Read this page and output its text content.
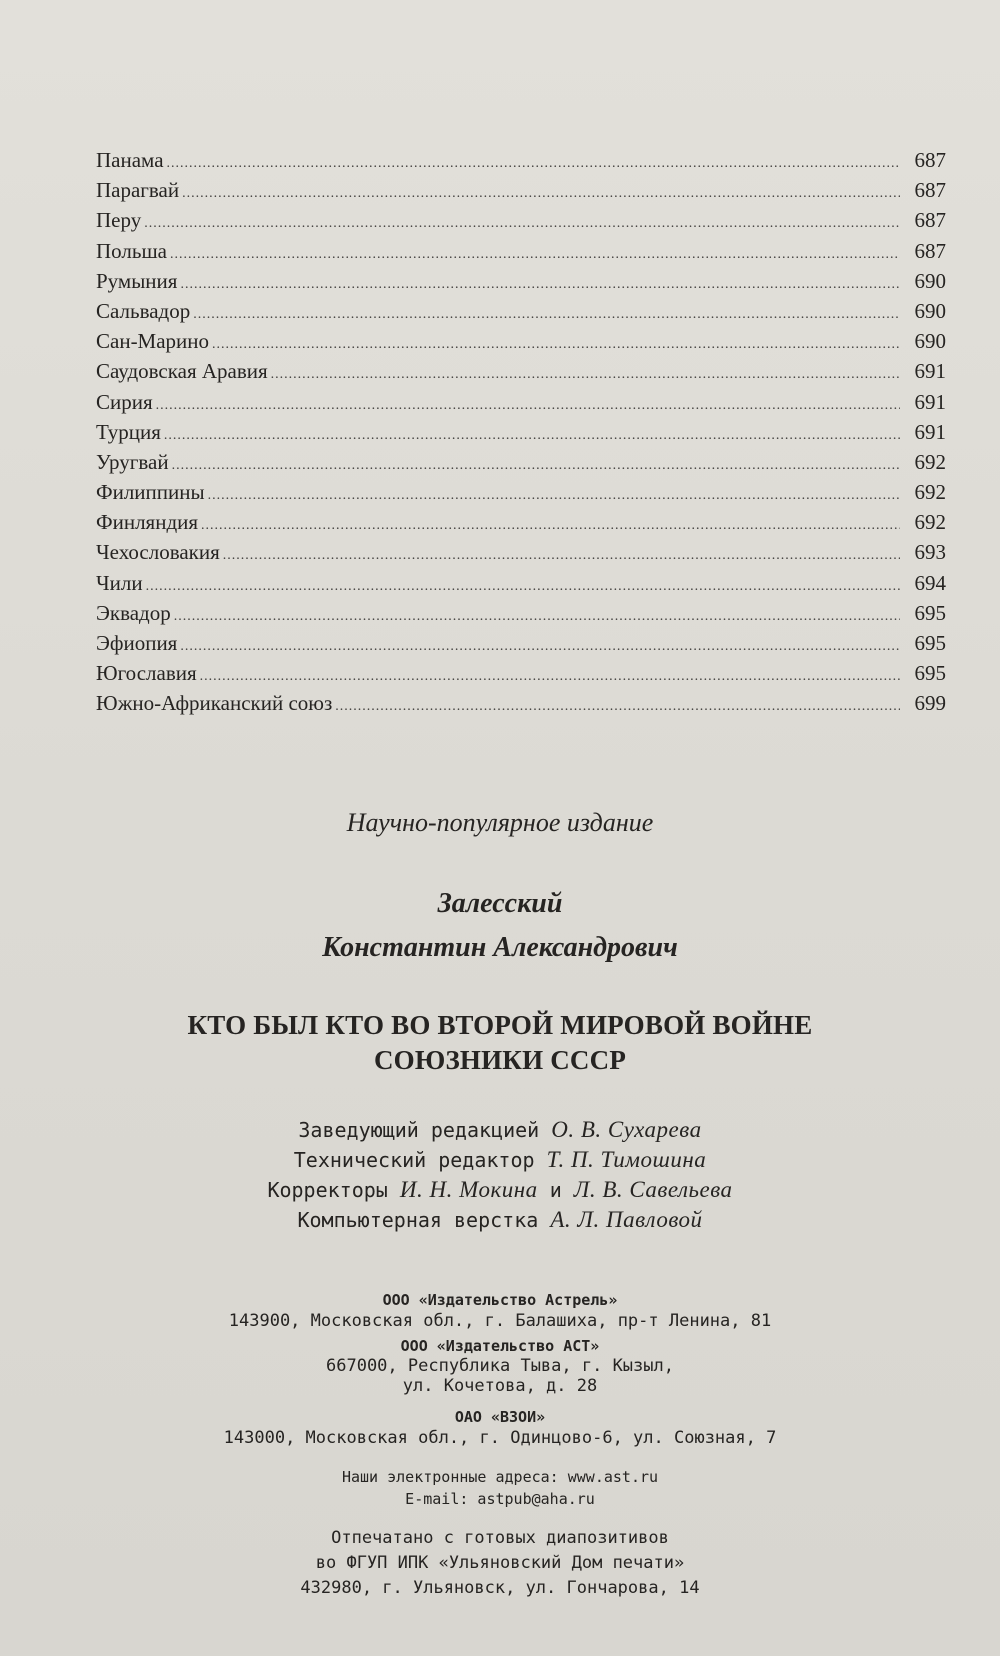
Панама .....	687
Парагвай .....	687
Перу .....	687
Польша .....	687
Румыния .....	690
Сальвадор .....	690
Сан-Марино .....	690
Саудовская Аравия .....	691
Сирия .....	691
Турция .....	691
Уругвай .....	692
Филиппины .....	692
Финляндия .....	692
Чехословакия .....	693
Чили .....	694
Эквадор .....	695
Эфиопия .....	695
Югославия .....	695
Южно-Африканский союз .....	699
Научно-популярное издание
Залесский
Константин Александрович
КТО БЫЛ КТО ВО ВТОРОЙ МИРОВОЙ ВОЙНЕ
СОЮЗНИКИ СССР
Заведующий редакцией О. В. Сухарева
Технический редактор Т. П. Тимошина
Корректоры И. Н. Мокина и Л. В. Савельева
Компьютерная верстка А. Л. Павловой
ООО «Издательство Астрель»
143900, Московская обл., г. Балашиха, пр-т Ленина, 81
ООО «Издательство АСТ»
667000, Республика Тыва, г. Кызыл,
ул. Кочетова, д. 28
ОАО «ВЗОИ»
143000, Московская обл., г. Одинцово-6, ул. Союзная, 7
Наши электронные адреса: www.ast.ru
E-mail: astpub@aha.ru
Отпечатано с готовых диапозитивов
во ФГУП ИПК «Ульяновский Дом печати»
432980, г. Ульяновск, ул. Гончарова, 14
